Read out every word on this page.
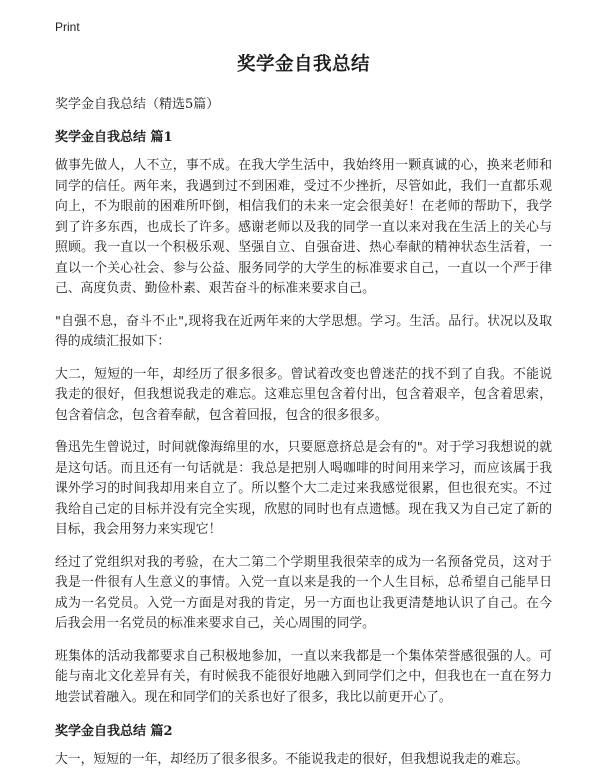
Print
奖学金自我总结

奖学金自我总结（精选5篇）

奖学金自我总结 篇1

做事先做人，人不立，事不成。在我大学生活中，我始终用一颗真诚的心，换来老师和同学的信任。两年来，我遇到过不到困难，受过不少挫折，尽管如此，我们一直都乐观向上，不为眼前的困难所吓倒，相信我们的未来一定会很美好！在老师的帮助下，我学到了许多东西，也成长了许多。感谢老师以及我的同学一直以来对我在生活上的关心与照顾。我一直以一个积极乐观、坚强自立、自强奋进、热心奉献的精神状态生活着，一直以一个关心社会、参与公益、服务同学的大学生的标准要求自己，一直以一个严于律己、高度负责、勤俭朴素、艰苦奋斗的标准来要求自己。

"自强不息，奋斗不止",现将我在近两年来的大学思想。学习。生活。品行。状况以及取得的成绩汇报如下：

大二，短短的一年，却经历了很多很多。曾试着改变也曾迷茫的找不到了自我。不能说我走的很好，但我想说我走的难忘。这难忘里包含着付出，包含着艰辛，包含着思索，包含着信念，包含着奉献，包含着回报，包含的很多很多。

鲁迅先生曾说过，时间就像海绵里的水，只要愿意挤总是会有的"。对于学习我想说的就是这句话。而且还有一句话就是：我总是把别人喝咖啡的时间用来学习，而应该属于我课外学习的时间我却用来自立了。所以整个大二走过来我感觉很累，但也很充实。不过我给自己定的目标并没有完全实现，欣慰的同时也有点遗憾。现在我又为自己定了新的目标，我会用努力来实现它！

经过了党组织对我的考验，在大二第二个学期里我很荣幸的成为一名预备党员，这对于我是一件很有人生意义的事情。入党一直以来是我的一个人生目标，总希望自己能早日成为一名党员。入党一方面是对我的肯定，另一方面也让我更清楚地认识了自己。在今后我会用一名党员的标准来要求自己，关心周围的同学。

班集体的活动我都要求自己积极地参加，一直以来我都是一个集体荣誉感很强的人。可能与南北文化差异有关，有时候我不能很好地融入到同学们之中，但我也在一直在努力地尝试着融入。现在和同学们的关系也好了很多，我比以前更开心了。

奖学金自我总结 篇2

大一，短短的一年，却经历了很多很多。不能说我走的很好，但我想说我走的难忘。
